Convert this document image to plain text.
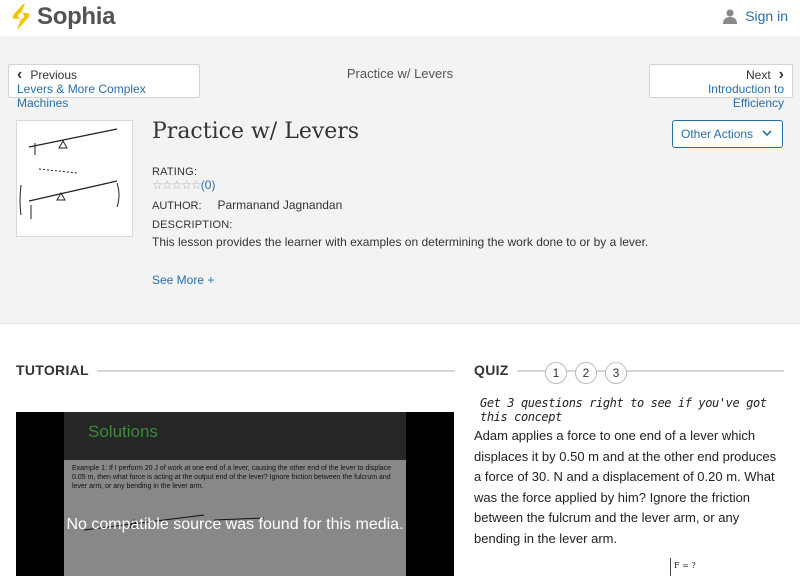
Sophia	Sign in
‹ Previous
Levers & More Complex Machines
Practice w/ Levers	Next ›
Introduction to Efficiency
Practice w/ Levers	Other Actions
RATING:
☆☆☆☆☆ (0)
AUTHOR: Parmanand Jagnandan
DESCRIPTION:
This lesson provides the learner with examples on determining the work done to or by a lever.
See More +
TUTORIAL
Solutions
Example 1: If I perform 20 J of work at one end of a lever, causing the other end of the lever to displace 0.05 m, then what force is acting at the output end of the lever? Ignore friction between the fulcrum and lever arm, or any bending in the lever arm.
No compatible source was found for this media.
QUIZ	1	2	3
Get 3 questions right to see if you've got this concept
Adam applies a force to one end of a lever which displaces it by 0.50 m and at the other end produces a force of 30. N and a displacement of 0.20 m. What was the force applied by him? Ignore the friction between the fulcrum and the lever arm, or any bending in the lever arm.
F = ?
